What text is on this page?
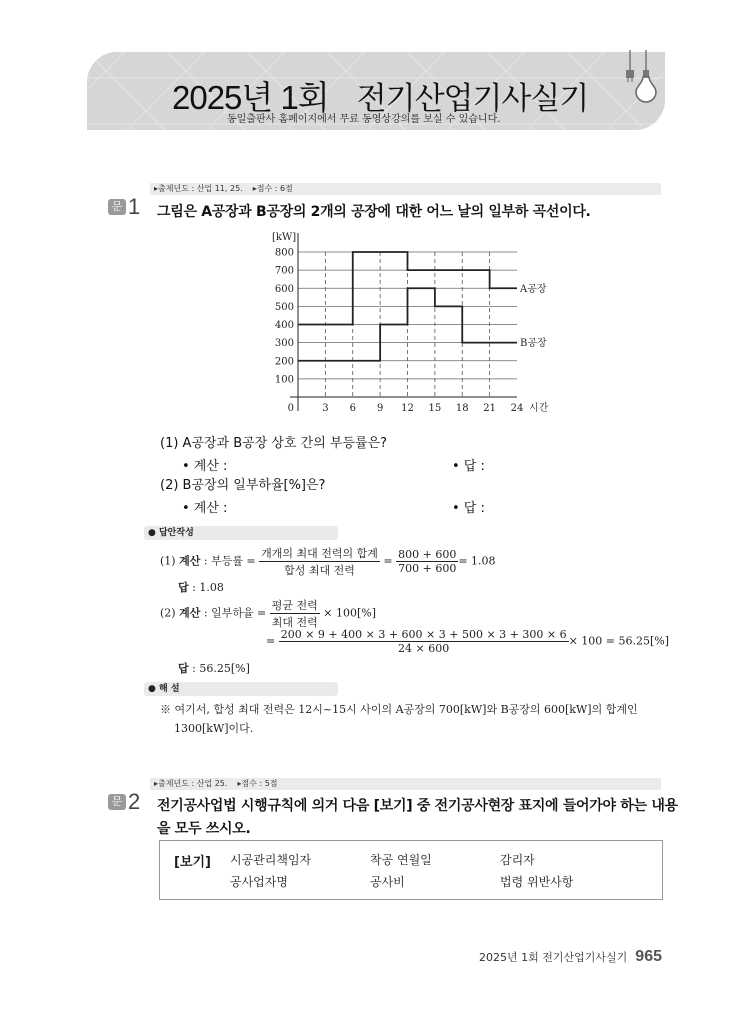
2025년 1회 전기산업기사실기
동일출판사 홈페이지에서 무료 동영상강의를 보실 수 있습니다.
▸출제년도 : 산업 11, 25. ▸점수 : 6점
문 1 그림은 A공장과 B공장의 2개의 공장에 대한 어느 날의 일부하 곡선이다.
100
200
300
400
500
600
700
800
0	3 6 9 12 15 18 21 24
[kW]
시간
A공장
B공장
(1) A공장과 B공장 상호 간의 부등률은?
• 계산 :	• 답 :
(2) B공장의 일부하율[%]은?
• 계산 :	• 답 :
● 답안작성
(1) 계산 : 부등률 = $\frac{\text{개개의 최대 전력의 합계}}{\text{합성 최대 전력}} = \frac{800 + 600}{700 + 600} = 1.08$
답 : 1.08
(2) 계산 : 일부하율 = $\frac{\text{평균 전력}}{\text{최대 전력}} \times 100[\%]$
= $\frac{200 \times 9 + 400 \times 3 + 600 \times 3 + 500 \times 3 + 300 \times 6}{24 \times 600} \times 100 = 56.25[\%]$
답 : 56.25[%]
● 해 설
※ 여기서, 합성 최대 전력은 12시~15시 사이의 A공장의 700[kW]와 B공장의 600[kW]의 합계인
1300[kW]이다.
▸출제년도 : 산업 25. ▸점수 : 5점
문 2 전기공사업법 시행규칙에 의거 다음 [보기] 중 전기공사현장 표지에 들어가야 하는 내용
을 모두 쓰시오.
[보기] 시공관리책임자	착공 연월일	감리자
공사업자명	공사비	법령 위반사항
2025년 1회 전기산업기사실기 965
